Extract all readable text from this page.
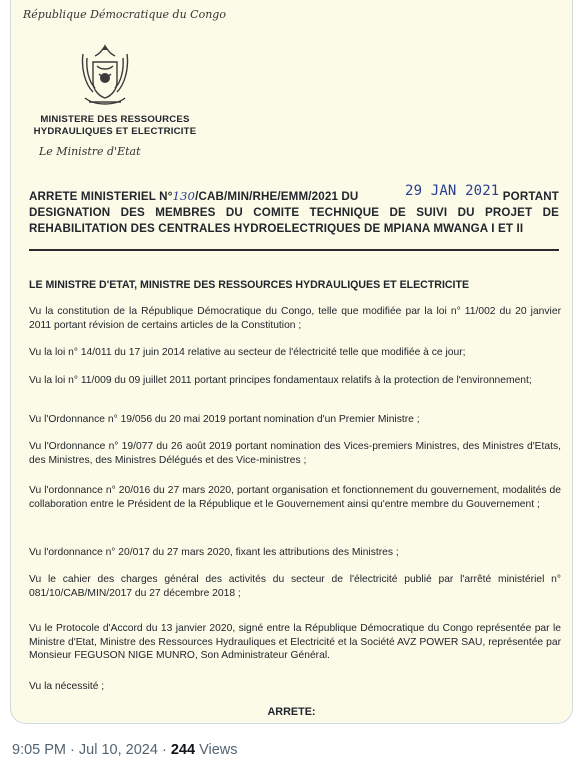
République Démocratique du Congo
MINISTERE DES RESSOURCES
HYDRAULIQUES ET ELECTRICITE
Le Ministre d'Etat
ARRETE MINISTERIEL N°130/CAB/MIN/RHE/EMM/2021 DU	29 JAN 2021 PORTANT
DESIGNATION DES MEMBRES DU COMITE TECHNIQUE DE SUIVI DU PROJET DE REHABILITATION DES CENTRALES HYDROELECTRIQUES DE MPIANA MWANGA I ET II
LE MINISTRE D'ETAT, MINISTRE DES RESSOURCES HYDRAULIQUES ET ELECTRICITE
Vu la constitution de la République Démocratique du Congo, telle que modifiée par la loi n° 11/002 du 20 janvier 2011 portant révision de certains articles de la Constitution ;
Vu la loi n° 14/011 du 17 juin 2014 relative au secteur de l'électricité telle que modifiée à ce jour;
Vu la loi n° 11/009 du 09 juillet 2011 portant principes fondamentaux relatifs à la protection de l'environnement;
Vu l'Ordonnance n° 19/056 du 20 mai 2019 portant nomination d'un Premier Ministre ;
Vu l'Ordonnance n° 19/077 du 26 août 2019 portant nomination des Vices-premiers Ministres, des Ministres d'Etats, des Ministres, des Ministres Délégués et des Vice-ministres ;
Vu l'ordonnance n° 20/016 du 27 mars 2020, portant organisation et fonctionnement du gouvernement, modalités de collaboration entre le Président de la République et le Gouvernement ainsi qu'entre membre du Gouvernement ;
Vu l'ordonnance n° 20/017 du 27 mars 2020, fixant les attributions des Ministres ;
Vu le cahier des charges général des activités du secteur de l'électricité publié par l'arrêté ministériel n° 081/10/CAB/MIN/2017 du 27 décembre 2018 ;
Vu le Protocole d'Accord du 13 janvier 2020, signé entre la République Démocratique du Congo représentée par le Ministre d'Etat, Ministre des Ressources Hydrauliques et Electricité et la Société AVZ POWER SAU, représentée par Monsieur FEGUSON NIGE MUNRO, Son Administrateur Général.
Vu la nécessité ;
ARRETE:
9:05 PM · Jul 10, 2024 · 244 Views
